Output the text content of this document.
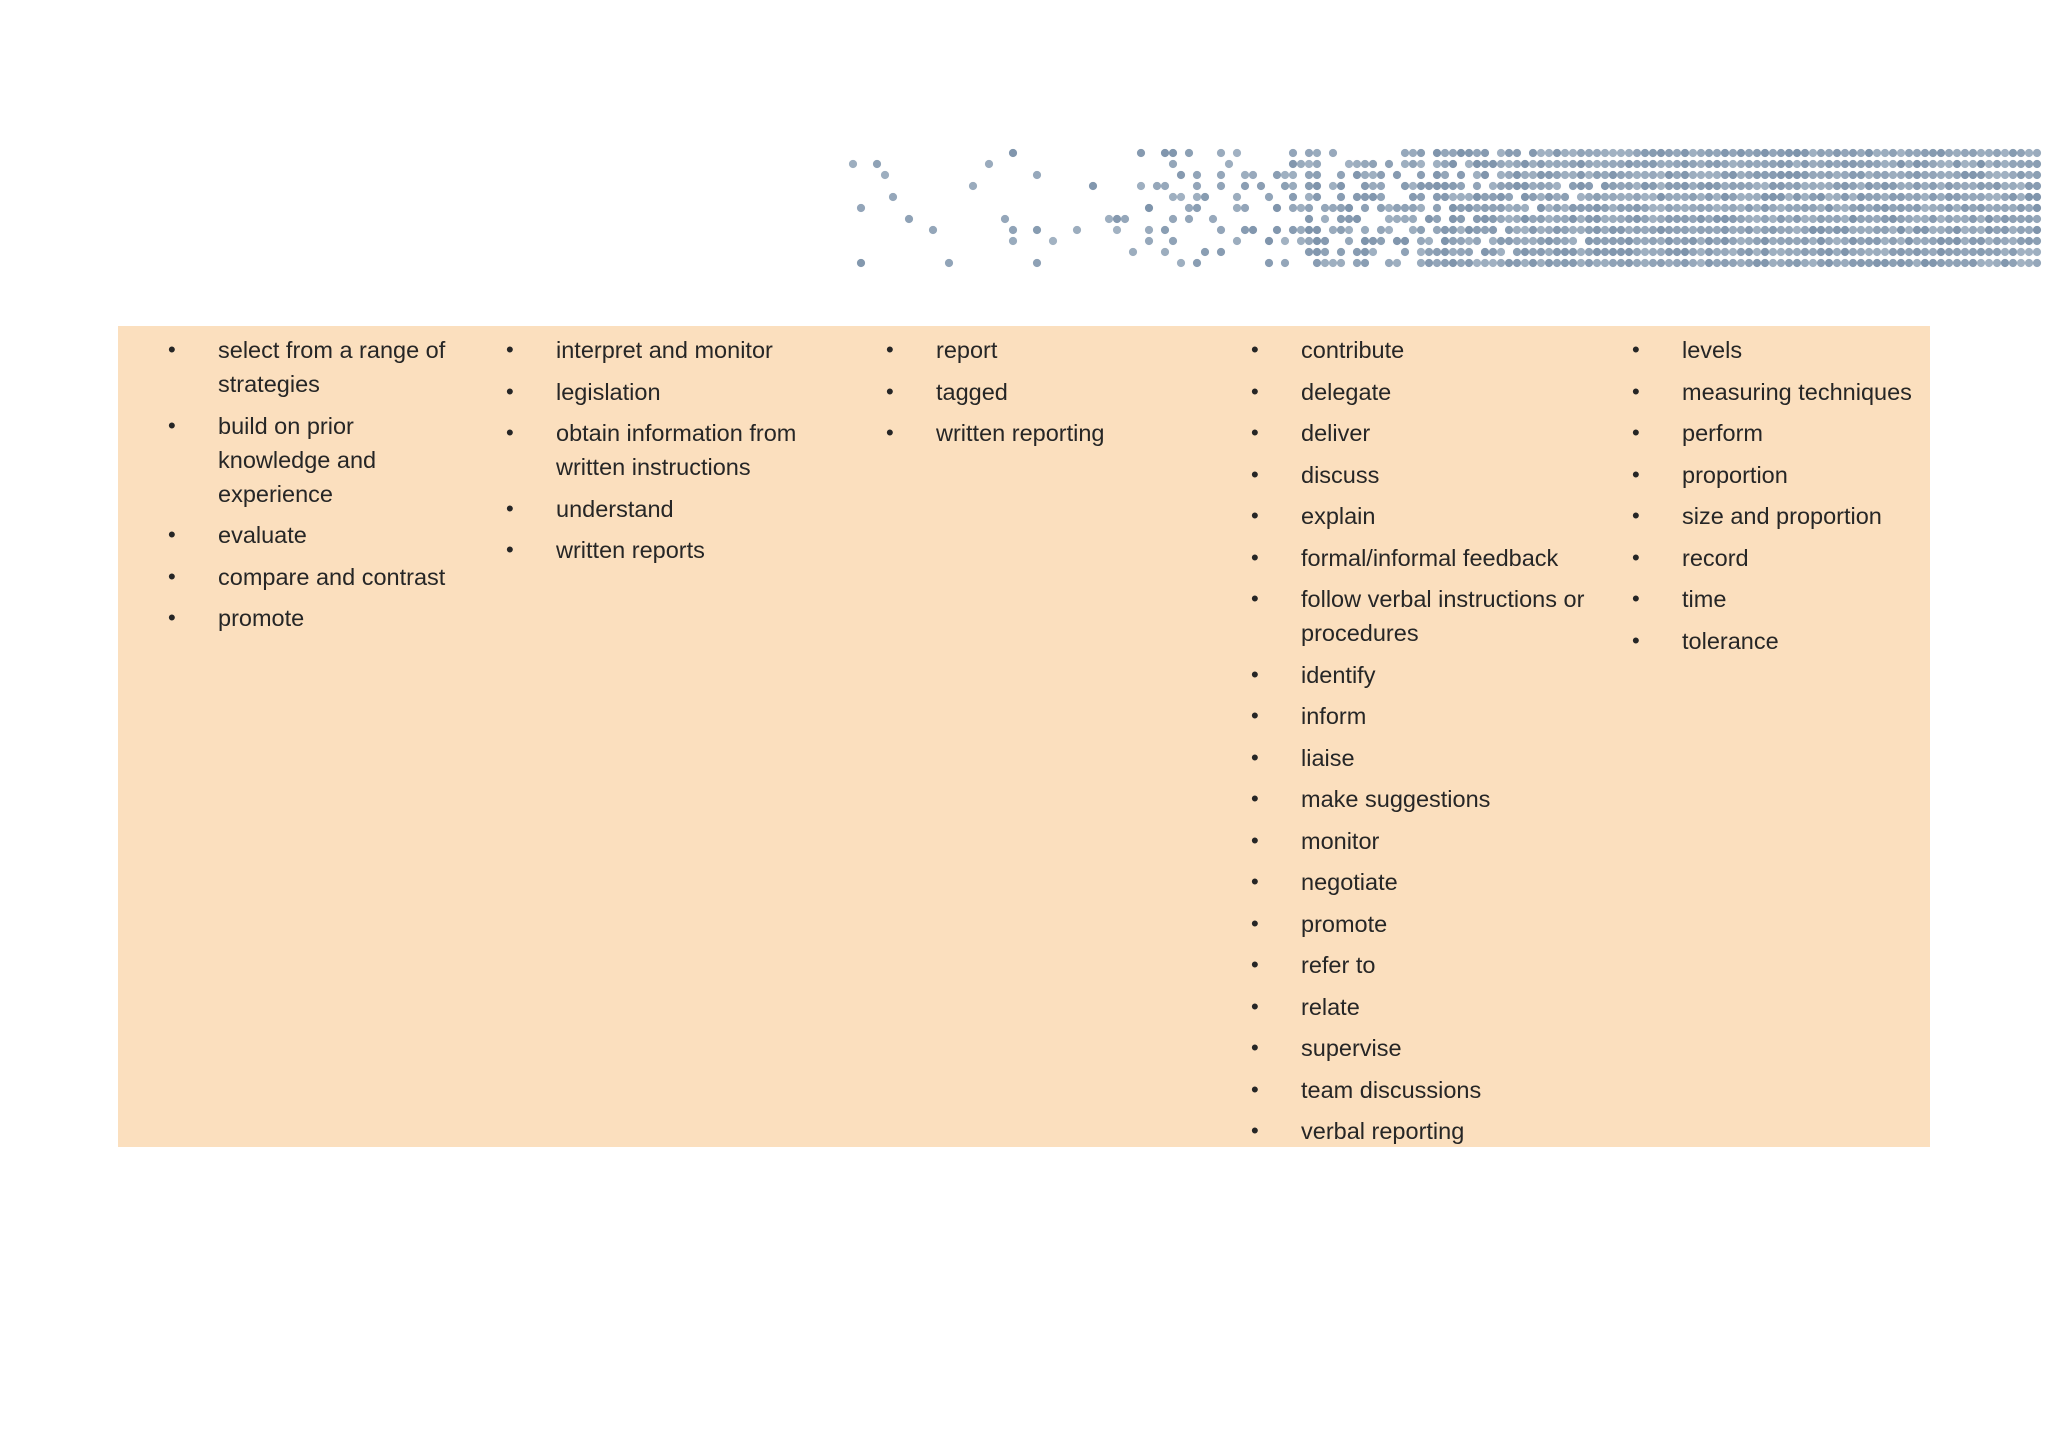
• select from a range of strategies
• build on prior knowledge and experience
• evaluate
• compare and contrast
• promote
• interpret and monitor
• legislation
• obtain information from written instructions
• understand
• written reports
• report
• tagged
• written reporting
• contribute
• delegate
• deliver
• discuss
• explain
• formal/informal feedback
• follow verbal instructions or procedures
• identify
• inform
• liaise
• make suggestions
• monitor
• negotiate
• promote
• refer to
• relate
• supervise
• team discussions
• verbal reporting
• levels
• measuring techniques
• perform
• proportion
• size and proportion
• record
• time
• tolerance
